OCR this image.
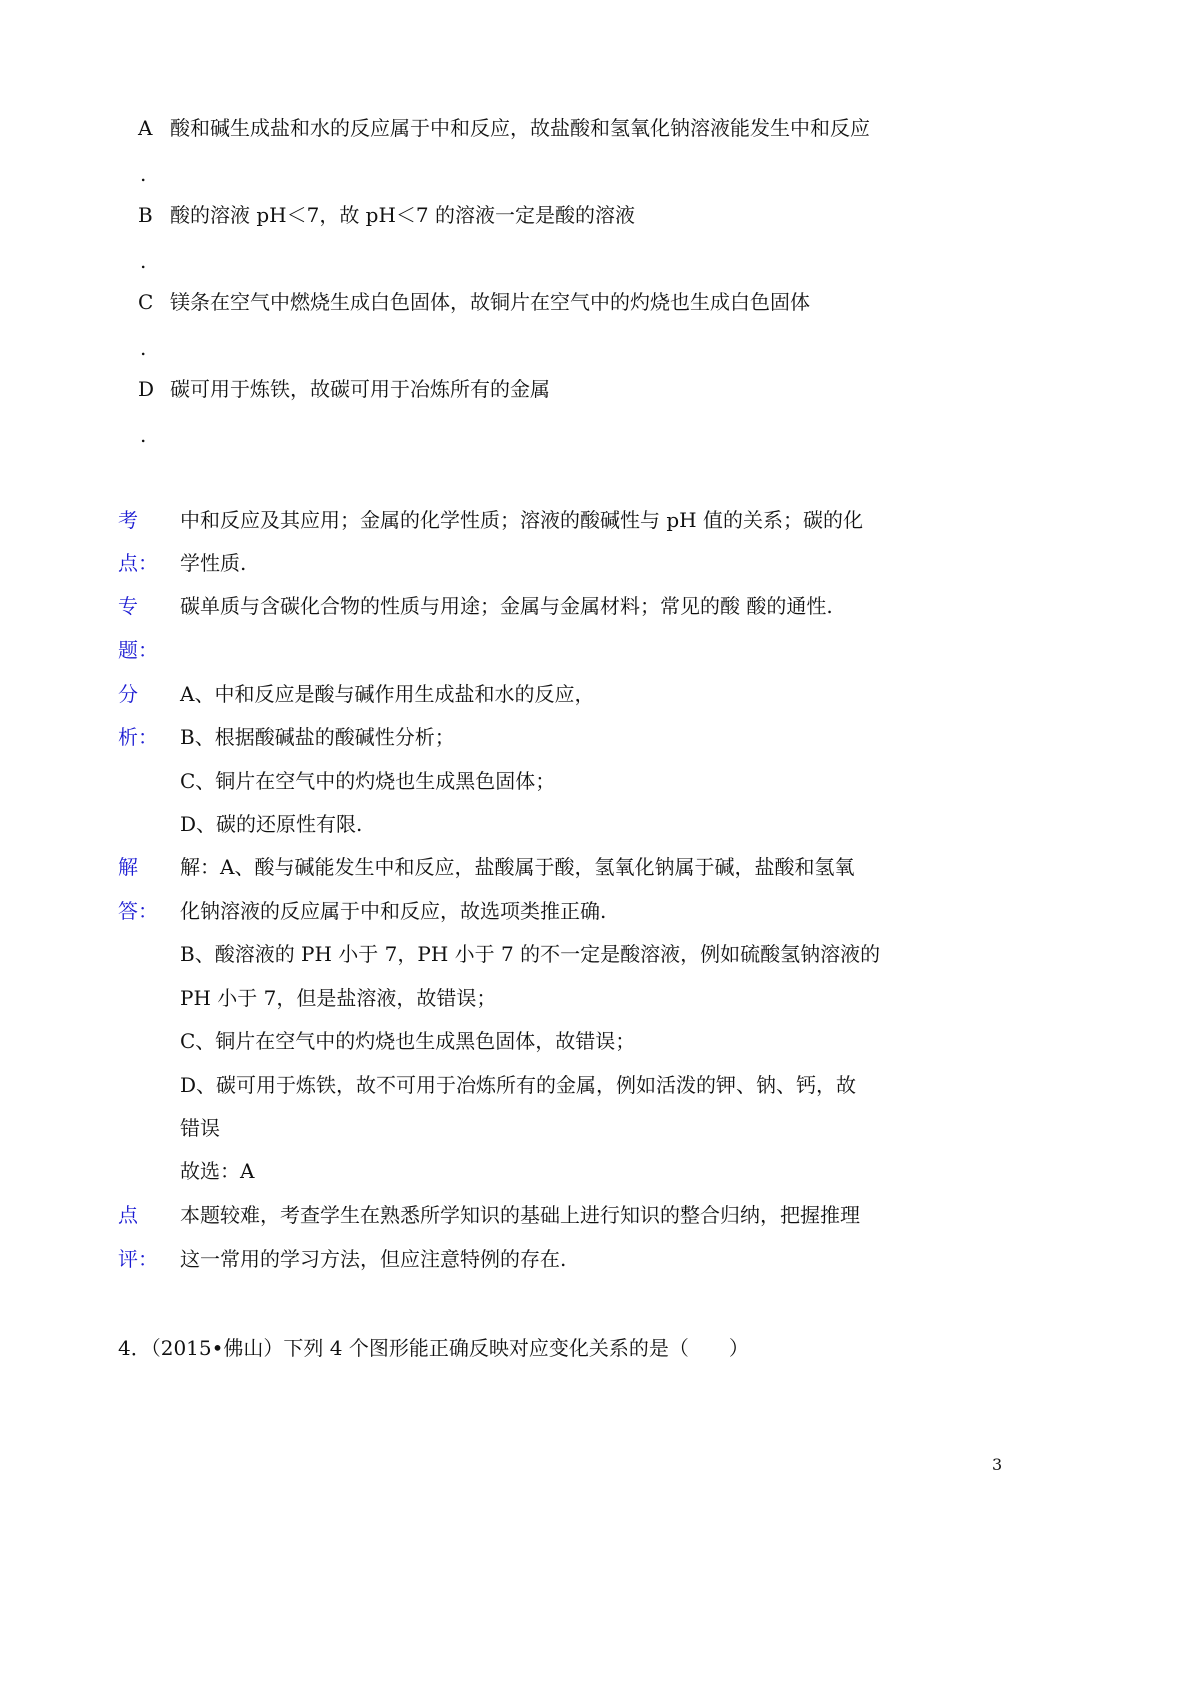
A 酸和碱生成盐和水的反应属于中和反应，故盐酸和氢氧化钠溶液能发生中和反应
.
B 酸的溶液 pH＜7，故 pH＜7 的溶液一定是酸的溶液
.
C 镁条在空气中燃烧生成白色固体，故铜片在空气中的灼烧也生成白色固体
.
D 碳可用于炼铁，故碳可用于冶炼所有的金属
.
考
点：
中和反应及其应用；金属的化学性质；溶液的酸碱性与 pH 值的关系；碳的化
学性质.
专
题：
碳单质与含碳化合物的性质与用途；金属与金属材料；常见的酸 酸的通性.
分
析：
A、中和反应是酸与碱作用生成盐和水的反应，
B、根据酸碱盐的酸碱性分析；
C、铜片在空气中的灼烧也生成黑色固体；
D、碳的还原性有限.
解
答：
解：A、酸与碱能发生中和反应，盐酸属于酸，氢氧化钠属于碱，盐酸和氢氧
化钠溶液的反应属于中和反应，故选项类推正确.
B、酸溶液的 PH 小于 7，PH 小于 7 的不一定是酸溶液，例如硫酸氢钠溶液的
PH 小于 7，但是盐溶液，故错误；
C、铜片在空气中的灼烧也生成黑色固体，故错误；
D、碳可用于炼铁，故不可用于冶炼所有的金属，例如活泼的钾、钠、钙，故
错误
故选：A
点
评：
本题较难，考查学生在熟悉所学知识的基础上进行知识的整合归纳，把握推理
这一常用的学习方法，但应注意特例的存在.
4．（2015•佛山）下列 4 个图形能正确反映对应变化关系的是（　　）
3
